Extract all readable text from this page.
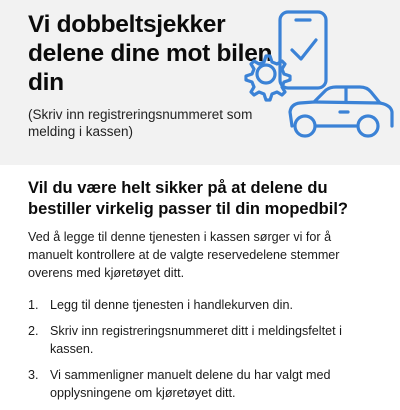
Vi dobbeltsjekker delene dine mot bilen din

(Skriv inn registreringsnummeret som melding i kassen)

Vil du være helt sikker på at delene du bestiller virkelig passer til din mopedbil?

Ved å legge til denne tjenesten i kassen sørger vi for å manuelt kontrollere at de valgte reservedelene stemmer overens med kjøretøyet ditt.

1. Legg til denne tjenesten i handlekurven din.
2. Skriv inn registreringsnummeret ditt i meldingsfeltet i kassen.
3. Vi sammenligner manuelt delene du har valgt med opplysningene om kjøretøyet ditt.
